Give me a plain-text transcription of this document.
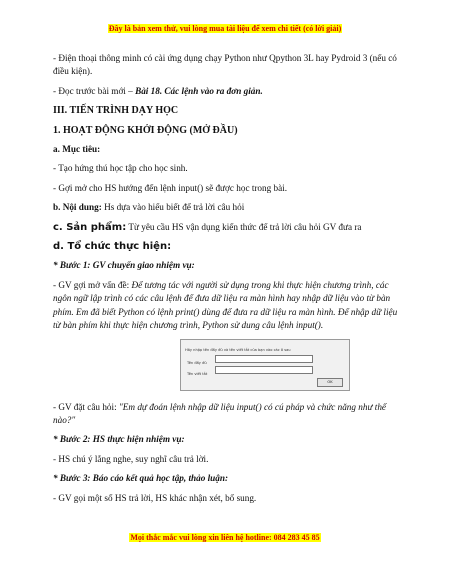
Đây là bản xem thử, vui lòng mua tài liệu để xem chi tiết (có lời giải)

- Điện thoại thông minh có cài ứng dụng chạy Python như Qpython 3L hay Pydroid 3 (nếu có điều kiện).

- Đọc trước bài mới – Bài 18. Các lệnh vào ra đơn giản.

III. TIẾN TRÌNH DẠY HỌC

1. HOẠT ĐỘNG KHỞI ĐỘNG (MỞ ĐẦU)

a. Mục tiêu:

- Tạo hứng thú học tập cho học sinh.

- Gợi mở cho HS hướng đến lệnh input() sẽ được học trong bài.

b. Nội dung: Hs dựa vào hiểu biết để trả lời câu hỏi

c. Sản phẩm: Từ yêu cầu HS vận dụng kiến thức để trả lời câu hỏi GV đưa ra

d. Tổ chức thực hiện:

* Bước 1: GV chuyển giao nhiệm vụ:

- GV gợi mở vấn đề: Để tương tác với người sử dụng trong khi thực hiện chương trình, các ngôn ngữ lập trình có các câu lệnh để đưa dữ liệu ra màn hình hay nhập dữ liệu vào từ bàn phím. Em đã biết Python có lệnh print() dùng để đưa ra dữ liệu ra màn hình. Để nhập dữ liệu từ bàn phím khi thực hiện chương trình, Python sử dung câu lệnh input().

Hãy nhập tên đầy đủ và tên viết tắt của bạn vào các ô sau
Tên đầy đủ
Tên viết tắt
OK

- GV đặt câu hỏi: "Em dự đoán lệnh nhập dữ liệu input() có cú pháp và chức năng như thế nào?"

* Bước 2: HS thực hiện nhiệm vụ:

- HS chú ý lắng nghe, suy nghĩ câu trả lời.

* Bước 3: Báo cáo kết quả học tập, thảo luận:

- GV gọi một số HS trả lời, HS khác nhận xét, bổ sung.

Mọi thắc mắc vui lòng xin liên hệ hotline: 084 283 45 85
